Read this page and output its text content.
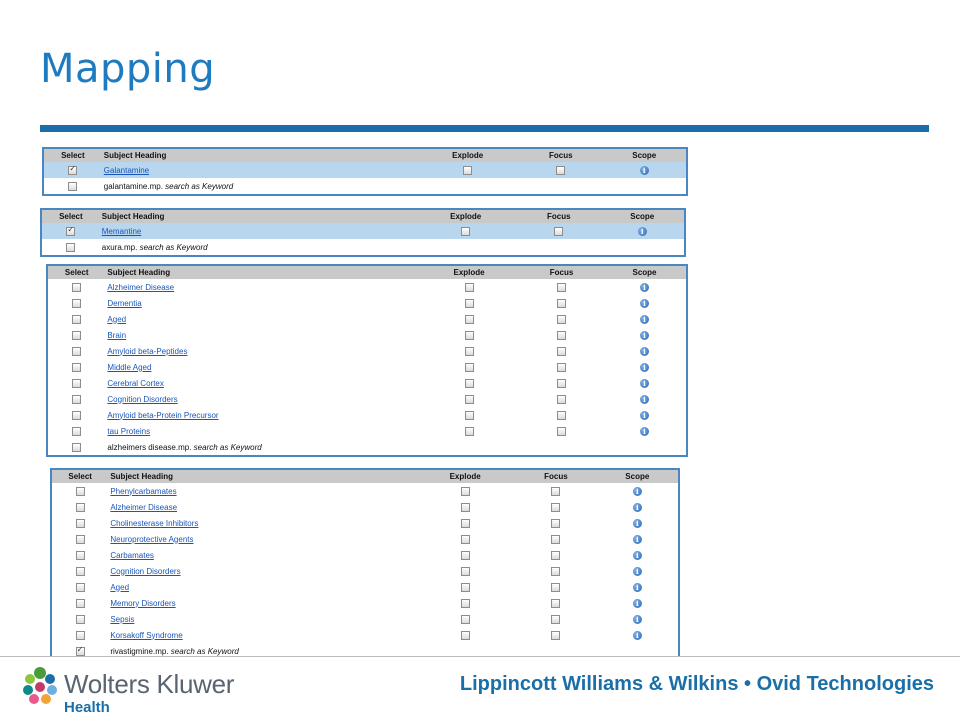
Mapping
Select	Subject Heading	Explode	Focus	Scope
✓	Galantamine			i
	galantamine.mp. search as Keyword			
Select	Subject Heading	Explode	Focus	Scope
✓	Memantine			i
	axura.mp. search as Keyword			
Select	Subject Heading	Explode	Focus	Scope
	Alzheimer Disease			i
	Dementia			i
	Aged			i
	Brain			i
	Amyloid beta-Peptides			i
	Middle Aged			i
	Cerebral Cortex			i
	Cognition Disorders			i
	Amyloid beta-Protein Precursor			i
	tau Proteins			i
	alzheimers disease.mp. search as Keyword			
Select	Subject Heading	Explode	Focus	Scope
	Phenylcarbamates			i
	Alzheimer Disease			i
	Cholinesterase Inhibitors			i
	Neuroprotective Agents			i
	Carbamates			i
	Cognition Disorders			i
	Aged			i
	Memory Disorders			i
	Sepsis			i
	Korsakoff Syndrome			i
✓	rivastigmine.mp. search as Keyword			
Wolters Kluwer
Health
Lippincott Williams & Wilkins • Ovid Technologies
